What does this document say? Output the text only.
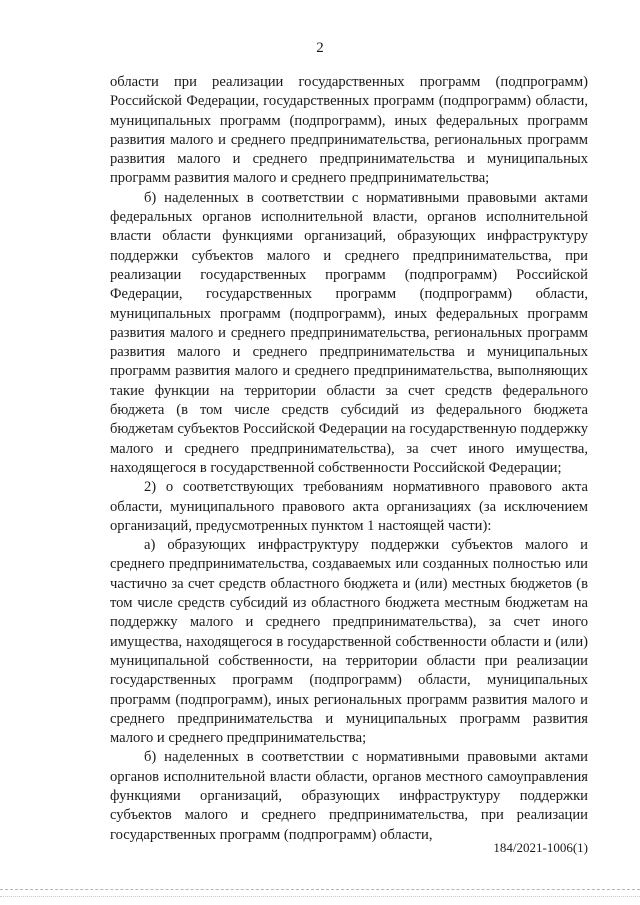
2

области при реализации государственных программ (подпрограмм) Российской Федерации, государственных программ (подпрограмм) области, муниципальных программ (подпрограмм), иных федеральных программ развития малого и среднего предпринимательства, региональных программ развития малого и среднего предпринимательства и муниципальных программ развития малого и среднего предпринимательства;

б) наделенных в соответствии с нормативными правовыми актами федеральных органов исполнительной власти, органов исполнительной власти области функциями организаций, образующих инфраструктуру поддержки субъектов малого и среднего предпринимательства, при реализации государственных программ (подпрограмм) Российской Федерации, государственных программ (подпрограмм) области, муниципальных программ (подпрограмм), иных федеральных программ развития малого и среднего предпринимательства, региональных программ развития малого и среднего предпринимательства и муниципальных программ развития малого и среднего предпринимательства, выполняющих такие функции на территории области за счет средств федерального бюджета (в том числе средств субсидий из федерального бюджета бюджетам субъектов Российской Федерации на государственную поддержку малого и среднего предпринимательства), за счет иного имущества, находящегося в государственной собственности Российской Федерации;

2) о соответствующих требованиям нормативного правового акта области, муниципального правового акта организациях (за исключением организаций, предусмотренных пунктом 1 настоящей части):

а) образующих инфраструктуру поддержки субъектов малого и среднего предпринимательства, создаваемых или созданных полностью или частично за счет средств областного бюджета и (или) местных бюджетов (в том числе средств субсидий из областного бюджета местным бюджетам на поддержку малого и среднего предпринимательства), за счет иного имущества, находящегося в государственной собственности области и (или) муниципальной собственности, на территории области при реализации государственных программ (подпрограмм) области, муниципальных программ (подпрограмм), иных региональных программ развития малого и среднего предпринимательства и муниципальных программ развития малого и среднего предпринимательства;

б) наделенных в соответствии с нормативными правовыми актами органов исполнительной власти области, органов местного самоуправления функциями организаций, образующих инфраструктуру поддержки субъектов малого и среднего предпринимательства, при реализации государственных программ (подпрограмм) области,

184/2021-1006(1)
